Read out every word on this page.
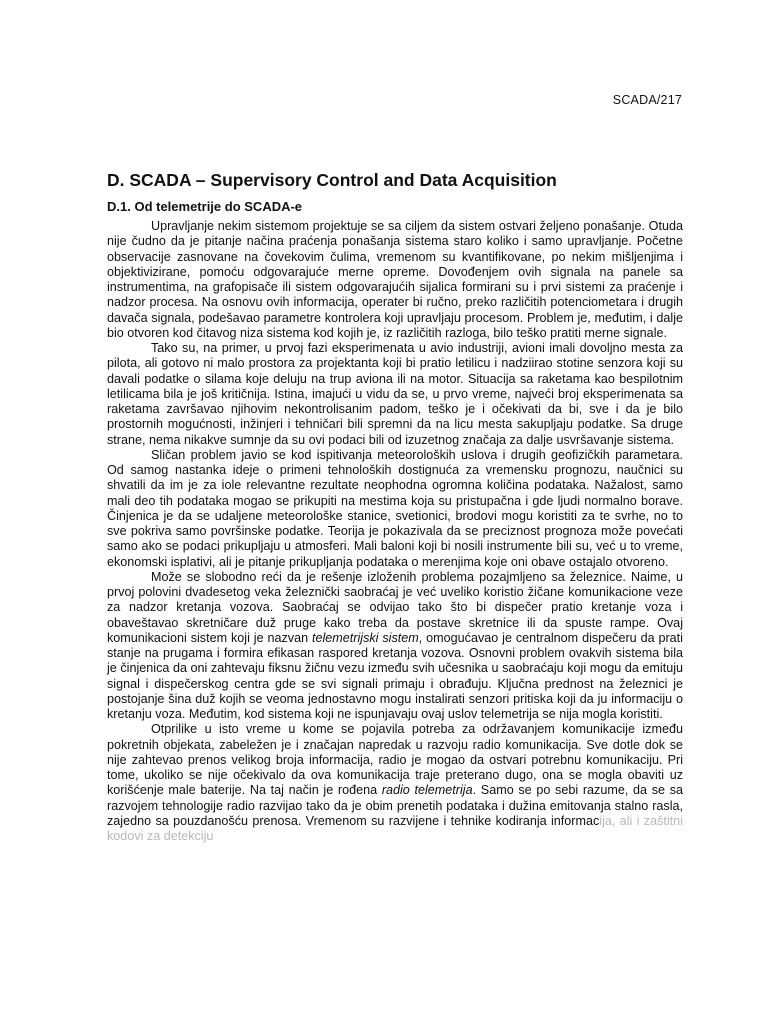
SCADA/217
D. SCADA – Supervisory Control and Data Acquisition
D.1. Od telemetrije do SCADA-e

Upravljanje nekim sistemom projektuje se sa ciljem da sistem ostvari željeno ponašanje. Otuda nije čudno da je pitanje načina praćenja ponašanja sistema staro koliko i samo upravljanje. Početne observacije zasnovane na čovekovim čulima, vremenom su kvantifikovane, po nekim mišljenjima i objektivizirane, pomoću odgovarajuće merne opreme. Dovođenjem ovih signala na panele sa instrumentima, na grafopisače ili sistem odgovarajućih sijalica formirani su i prvi sistemi za praćenje i nadzor procesa. Na osnovu ovih informacija, operater bi ručno, preko različitih potenciometara i drugih davača signala, podešavao parametre kontrolera koji upravljaju procesom. Problem je, međutim, i dalje bio otvoren kod čitavog niza sistema kod kojih je, iz različitih razloga, bilo teško pratiti merne signale.

Tako su, na primer, u prvoj fazi eksperimenata u avio industriji, avioni imali dovoljno mesta za pilota, ali gotovo ni malo prostora za projektanta koji bi pratio letilicu i nadziirao stotine senzora koji su davali podatke o silama koje deluju na trup aviona ili na motor. Situacija sa raketama kao bespilotnim letilicama bila je još kritičnija. Istina, imajući u vidu da se, u prvo vreme, najveći broj eksperimenata sa raketama završavao njihovim nekontrolisanim padom, teško je i očekivati da bi, sve i da je bilo prostornih mogućnosti, inžinjeri i tehničari bili spremni da na licu mesta sakupljaju podatke. Sa druge strane, nema nikakve sumnje da su ovi podaci bili od izuzetnog značaja za dalje usvršavanje sistema.

Sličan problem javio se kod ispitivanja meteoroloških uslova i drugih geofizičkih parametara. Od samog nastanka ideje o primeni tehnoloških dostignuća za vremensku prognozu, naučnici su shvatili da im je za iole relevantne rezultate neophodna ogromna količina podataka. Nažalost, samo mali deo tih podataka mogao se prikupiti na mestima koja su pristupačna i gde ljudi normalno borave. Činjenica je da se udaljene meteorološke stanice, svetionici, brodovi mogu koristiti za te svrhe, no to sve pokriva samo površinske podatke. Teorija je pokazivala da se preciznost prognoza može povećati samo ako se podaci prikupljaju u atmosferi. Mali baloni koji bi nosili instrumente bili su, već u to vreme, ekonomski isplativi, ali je pitanje prikupljanja podataka o merenjima koje oni obave ostajalo otvoreno.

Može se slobodno reći da je rešenje izloženih problema pozajmljeno sa železnice. Naime, u prvoj polovini dvadesetog veka železnički saobraćaj je već uveliko koristio žičane komunikacione veze za nadzor kretanja vozova. Saobraćaj se odvijao tako što bi dispečer pratio kretanje voza i obaveštavao skretničare duž pruge kako treba da postave skretnice ili da spuste rampe. Ovaj komunikacioni sistem koji je nazvan telemetrijski sistem, omogućavao je centralnom dispečeru da prati stanje na prugama i formira efikasan raspored kretanja vozova. Osnovni problem ovakvih sistema bila je činjenica da oni zahtevaju fiksnu žičnu vezu između svih učesnika u saobraćaju koji mogu da emituju signal i dispečerskog centra gde se svi signali primaju i obrađuju. Ključna prednost na železnici je postojanje šina duž kojih se veoma jednostavno mogu instalirati senzori pritiska koji da ju informaciju o kretanju voza. Međutim, kod sistema koji ne ispunjavaju ovaj uslov telemetrija se nija mogla koristiti.

Otprilike u isto vreme u kome se pojavila potreba za održavanjem komunikacije između pokretnih objekata, zabeležen je i značajan napredak u razvoju radio komunikacija. Sve dotle dok se nije zahtevao prenos velikog broja informacija, radio je mogao da ostvari potrebnu komunikaciju. Pri tome, ukoliko se nije očekivalo da ova komunikacija traje preterano dugo, ona se mogla obaviti uz korišćenje male baterije. Na taj način je rođena radio telemetrija. Samo se po sebi razume, da se sa razvojem tehnologije radio razvijao tako da je obim prenetih podataka i dužina emitovanja stalno rasla, zajedno sa pouzdanošću prenosa. Vremenom su razvijene i tehnike kodiranja informacija, ali i zaštitni kodovi za detekciju
